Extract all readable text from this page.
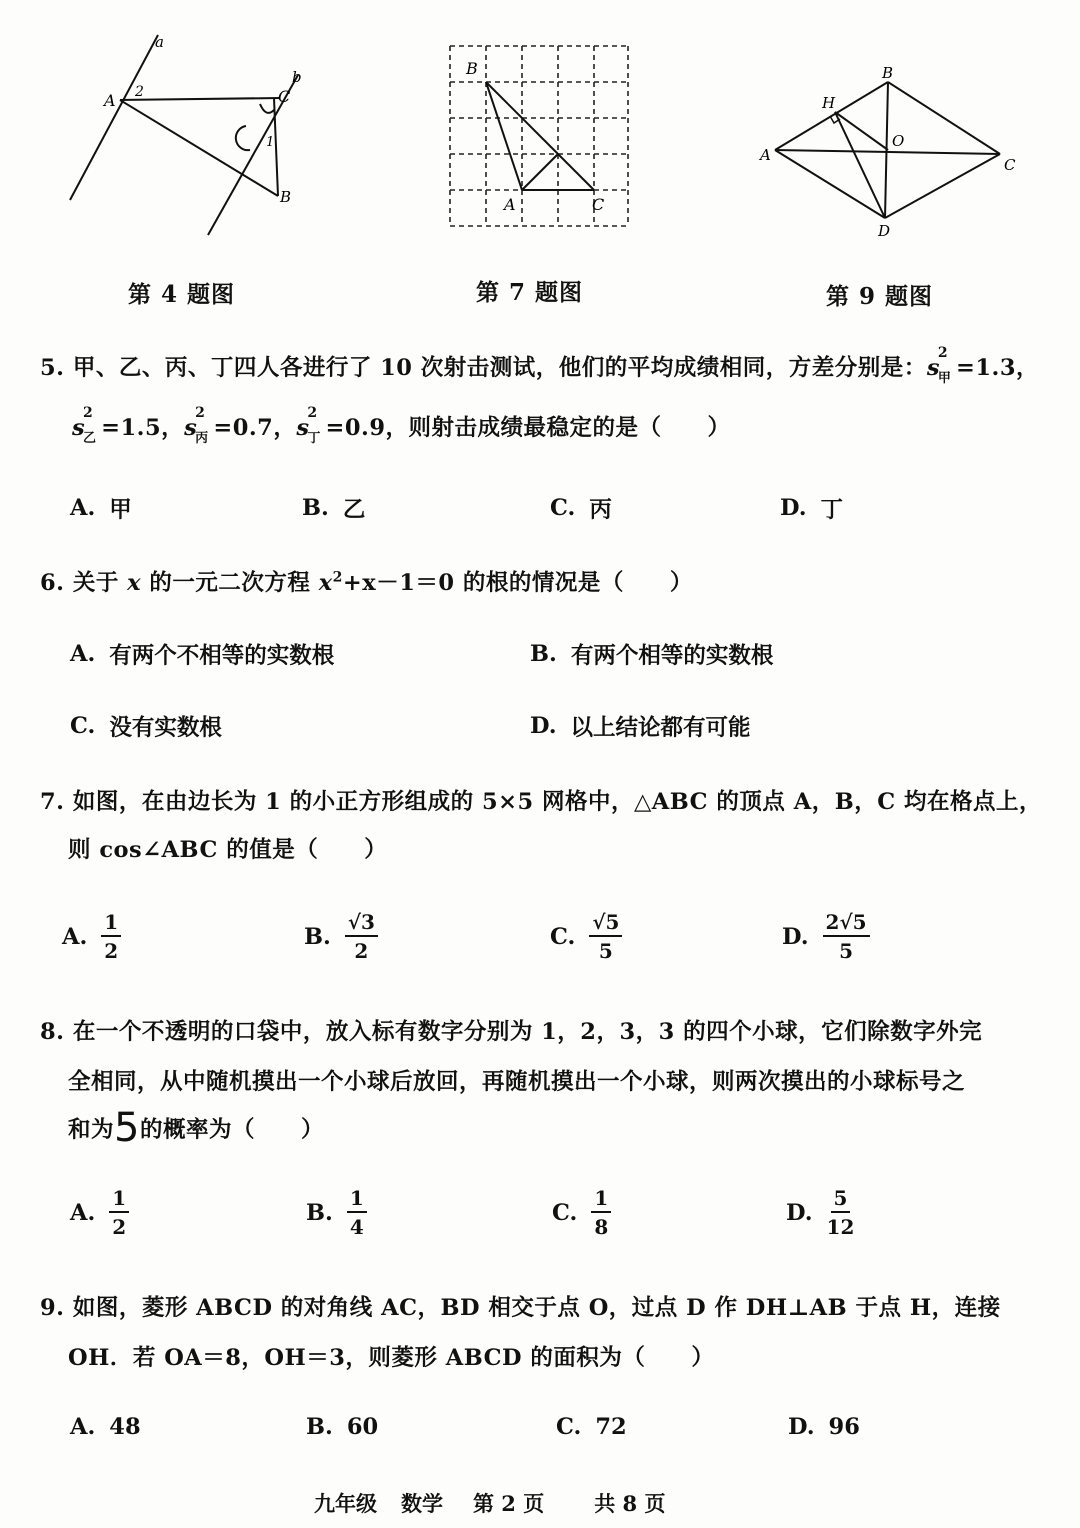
a
b
A	C
B
1
2
第 4 题图
B
A	C
第 7 题图
A
B
C
D
H
O
第 9 题图
5. 甲、乙、丙、丁四人各进行了 10 次射击测试，他们的平均成绩相同，方差分别是：s
2
甲 =1.3，
s
2
乙 =1.5，s
2
丙 =0.7，s
2
丁 =0.9，则射击成绩最稳定的是（　　）
A. 甲	B. 乙	C. 丙	D. 丁
6. 关于 x 的一元二次方程 $x^2+x-1=0$ 的根的情况是（　　）
A. 有两个不相等的实数根	B. 有两个相等的实数根
C. 没有实数根	D. 以上结论都有可能
7. 如图，在由边长为 1 的小正方形组成的 5×5 网格中，△ABC 的顶点 A，B，C 均在格点上，
则 cos∠ABC 的值是（　　）
A. $\frac{1}{2}$	B. $\frac{√3}{2}$	C. $\frac{√5}{5}$	D. $\frac{2√5}{5}$
8. 在一个不透明的口袋中，放入标有数字分别为 1，2，3，3 的四个小球，它们除数字外完
全相同，从中随机摸出一个小球后放回，再随机摸出一个小球，则两次摸出的小球标号之
和为5的概率为（　　）
A. $\frac{1}{2}$	B. $\frac{1}{4}$	C. $\frac{1}{8}$	D. $\frac{5}{12}$
9. 如图，菱形 ABCD 的对角线 AC，BD 相交于点 O，过点 D 作 DH⊥AB 于点 H，连接
OH．若 OA＝8，OH＝3，则菱形 ABCD 的面积为（　　）
A. 48	B. 60	C. 72	D. 96
九年级 数学 第 2 页 共 8 页
